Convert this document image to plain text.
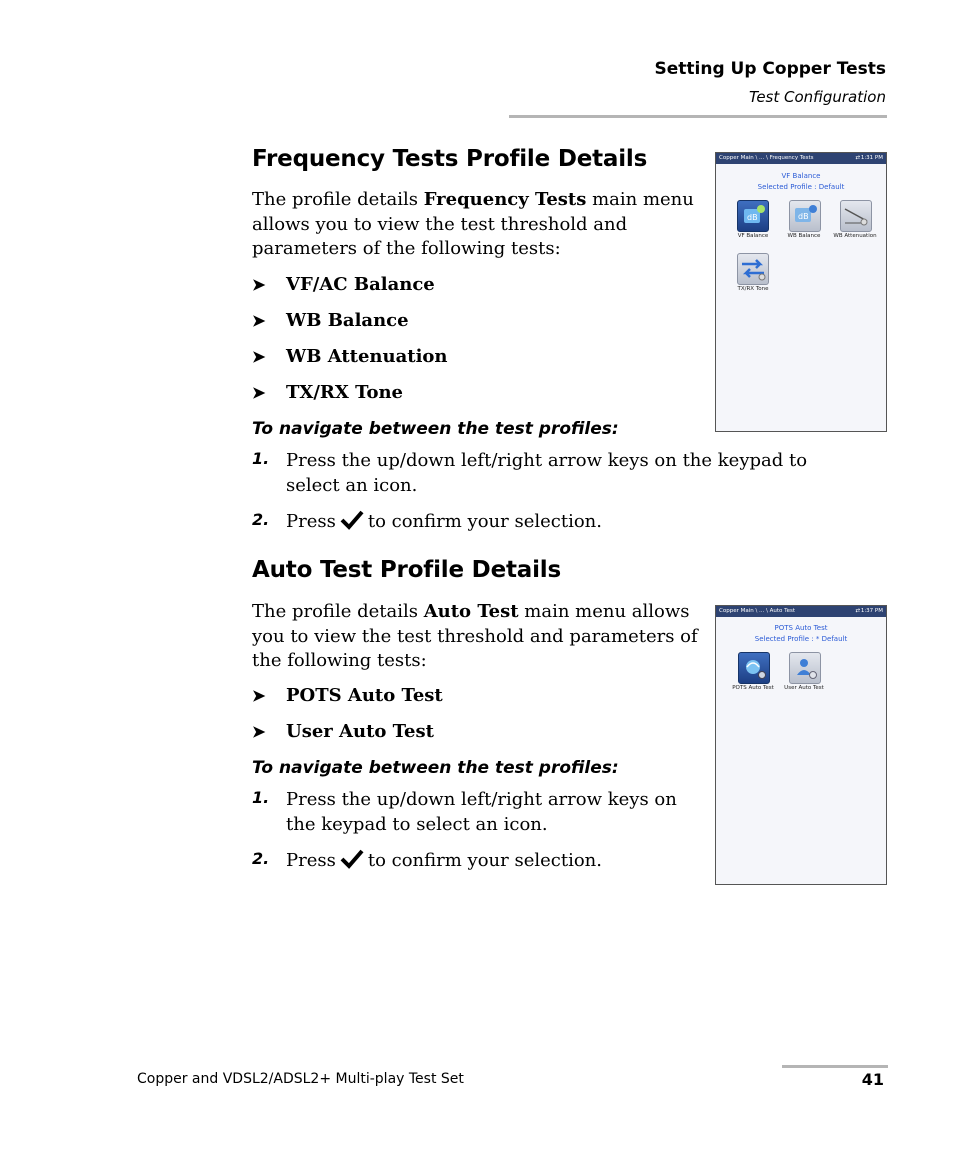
Setting Up Copper Tests
Test Configuration
Frequency Tests Profile Details
The profile details Frequency Tests main menu allows you to view the test threshold and parameters of the following tests:
➤ VF/AC Balance
➤ WB Balance
➤ WB Attenuation
➤ TX/RX Tone
To navigate between the test profiles:
1. Press the up/down left/right arrow keys on the keypad to select an icon.
2. Press to confirm your selection.
Copper Main \ ... \ Frequency Tests	⇄ 1:31 PM
VF Balance
Selected Profile : Default
dB
VF Balance
dB
WB Balance	WB Attenuation
TX/RX Tone
Auto Test Profile Details
The profile details Auto Test main menu allows you to view the test threshold and parameters of the following tests:
➤ POTS Auto Test
➤ User Auto Test
To navigate between the test profiles:
1. Press the up/down left/right arrow keys on the keypad to select an icon.
2. Press to confirm your selection.
Copper Main \ ... \ Auto Test	⇄ 1:37 PM
POTS Auto Test
Selected Profile : * Default
POTS Auto Test	User Auto Test
Copper and VDSL2/ADSL2+ Multi-play Test Set	41
